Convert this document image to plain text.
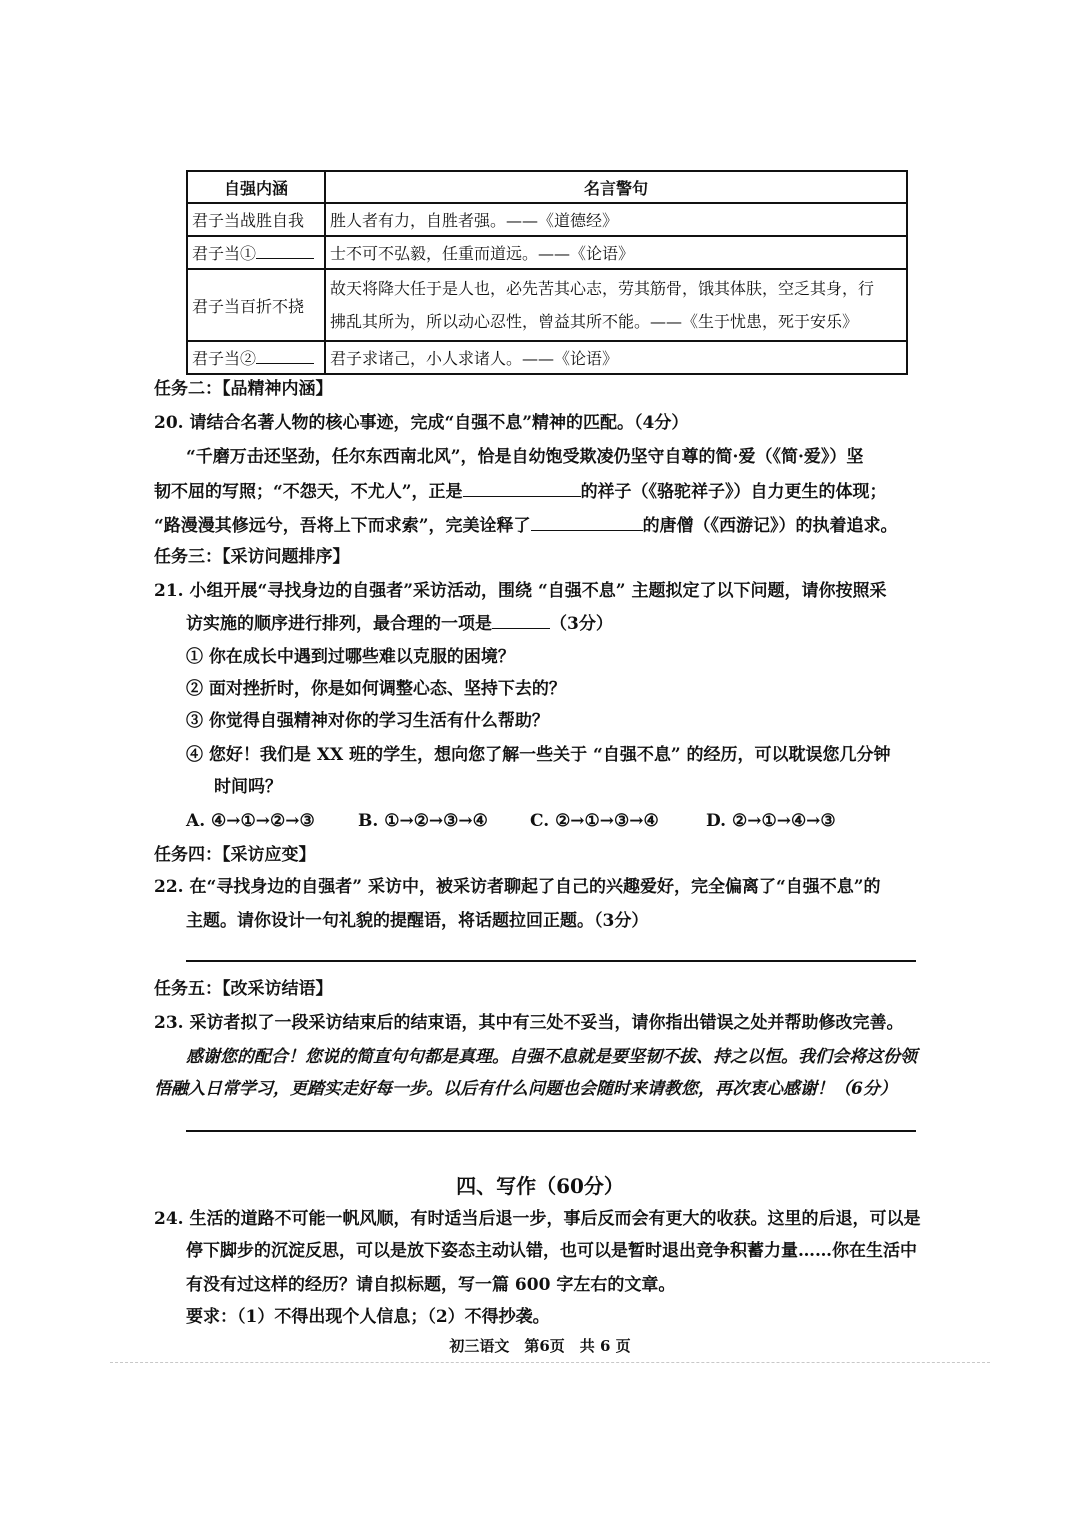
自强内涵	名言警句
君子当战胜自我	胜人者有力，自胜者强。——《道德经》
君子当①	士不可不弘毅，任重而道远。——《论语》
君子当百折不挠	故天将降大任于是人也，必先苦其心志，劳其筋骨，饿其体肤，空乏其身，行
拂乱其所为，所以动心忍性，曾益其所不能。——《生于忧患，死于安乐》

君子当②	君子求诸己，小人求诸人。——《论语》
任务二：【品精神内涵】
20. 请结合名著人物的核心事迹，完成“自强不息”精神的匹配。（4分）
“千磨万击还坚劲，任尔东西南北风”，恰是自幼饱受欺凌仍坚守自尊的简·爱（《简·爱》）坚
韧不屈的写照；“不怨天，不尤人”，正是	的祥子（《骆驼祥子》）自力更生的体现；
“路漫漫其修远兮，吾将上下而求索”，完美诠释了	的唐僧（《西游记》）的执着追求。
任务三：【采访问题排序】
21. 小组开展“寻找身边的自强者”采访活动，围绕 “自强不息” 主题拟定了以下问题，请你按照采
访实施的顺序进行排列，最合理的一项是	（3分）
① 你在成长中遇到过哪些难以克服的困境？
② 面对挫折时，你是如何调整心态、坚持下去的？
③ 你觉得自强精神对你的学习生活有什么帮助？
④ 您好！我们是 XX 班的学生，想向您了解一些关于 “自强不息” 的经历，可以耽误您几分钟
时间吗？
A. ④→①→②→③	B. ①→②→③→④ C. ②→①→③→④	D. ②→①→④→③
任务四：【采访应变】
22. 在“寻找身边的自强者” 采访中，被采访者聊起了自己的兴趣爱好，完全偏离了“自强不息”的
主题。请你设计一句礼貌的提醒语，将话题拉回正题。（3分）
任务五：【改采访结语】
23. 采访者拟了一段采访结束后的结束语，其中有三处不妥当，请你指出错误之处并帮助修改完善。
感谢您的配合！您说的简直句句都是真理。自强不息就是要坚韧不拔、持之以恒。我们会将这份领
悟融入日常学习，更踏实走好每一步。以后有什么问题也会随时来请教您，再次衷心感谢！（6分）
四、写作（60分）
24. 生活的道路不可能一帆风顺，有时适当后退一步，事后反而会有更大的收获。这里的后退，可以是
停下脚步的沉淀反思，可以是放下姿态主动认错，也可以是暂时退出竞争积蓄力量……你在生活中
有没有过这样的经历？请自拟标题，写一篇 600 字左右的文章。
要求：（1）不得出现个人信息；（2）不得抄袭。
初三语文　第6页　共 6 页
